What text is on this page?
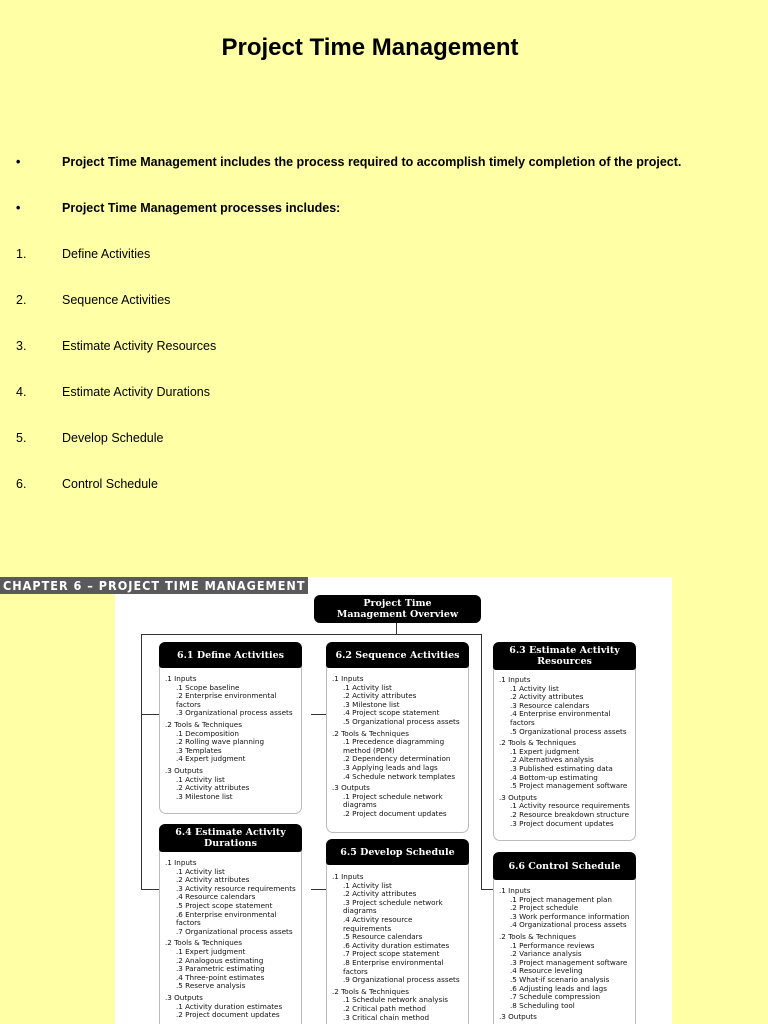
Project Time Management
•	Project Time Management includes the process required to accomplish timely completion of the project.
•	Project Time Management processes includes:
1.	Define Activities
2.	Sequence Activities
3.	Estimate Activity Resources
4.	Estimate Activity Durations
5.	Develop Schedule
6.	Control Schedule
Project Time
Management Overview
6.1 Define Activities
.1 Inputs
.1 Scope baseline
.2 Enterprise environmental
factors
.3 Organizational process assets
.2 Tools & Techniques
.1 Decomposition
.2 Rolling wave planning
.3 Templates
.4 Expert judgment
.3 Outputs
.1 Activity list
.2 Activity attributes
.3 Milestone list
6.2 Sequence Activities
.1 Inputs
.1 Activity list
.2 Activity attributes
.3 Milestone list
.4 Project scope statement
.5 Organizational process assets
.2 Tools & Techniques
.1 Precedence diagramming
method (PDM)
.2 Dependency determination
.3 Applying leads and lags
.4 Schedule network templates
.3 Outputs
.1 Project schedule network
diagrams
.2 Project document updates
6.3 Estimate Activity
Resources
.1 Inputs
.1 Activity list
.2 Activity attributes
.3 Resource calendars
.4 Enterprise environmental
factors
.5 Organizational process assets
.2 Tools & Techniques
.1 Expert judgment
.2 Alternatives analysis
.3 Published estimating data
.4 Bottom-up estimating
.5 Project management software
.3 Outputs
.1 Activity resource requirements
.2 Resource breakdown structure
.3 Project document updates
6.4 Estimate Activity
Durations
.1 Inputs
.1 Activity list
.2 Activity attributes
.3 Activity resource requirements
.4 Resource calendars
.5 Project scope statement
.6 Enterprise environmental
factors
.7 Organizational process assets
.2 Tools & Techniques
.1 Expert judgment
.2 Analogous estimating
.3 Parametric estimating
.4 Three-point estimates
.5 Reserve analysis
.3 Outputs
.1 Activity duration estimates
.2 Project document updates
6.5 Develop Schedule
.1 Inputs
.1 Activity list
.2 Activity attributes
.3 Project schedule network
diagrams
.4 Activity resource
requirements
.5 Resource calendars
.6 Activity duration estimates
.7 Project scope statement
.8 Enterprise environmental
factors
.9 Organizational process assets
.2 Tools & Techniques
.1 Schedule network analysis
.2 Critical path method
.3 Critical chain method
6.6 Control Schedule
.1 Inputs
.1 Project management plan
.2 Project schedule
.3 Work performance information
.4 Organizational process assets
.2 Tools & Techniques
.1 Performance reviews
.2 Variance analysis
.3 Project management software
.4 Resource leveling
.5 What-if scenario analysis
.6 Adjusting leads and lags
.7 Schedule compression
.8 Scheduling tool
.3 Outputs
CHAPTER 6 – PROJECT TIME MANAGEMENT
